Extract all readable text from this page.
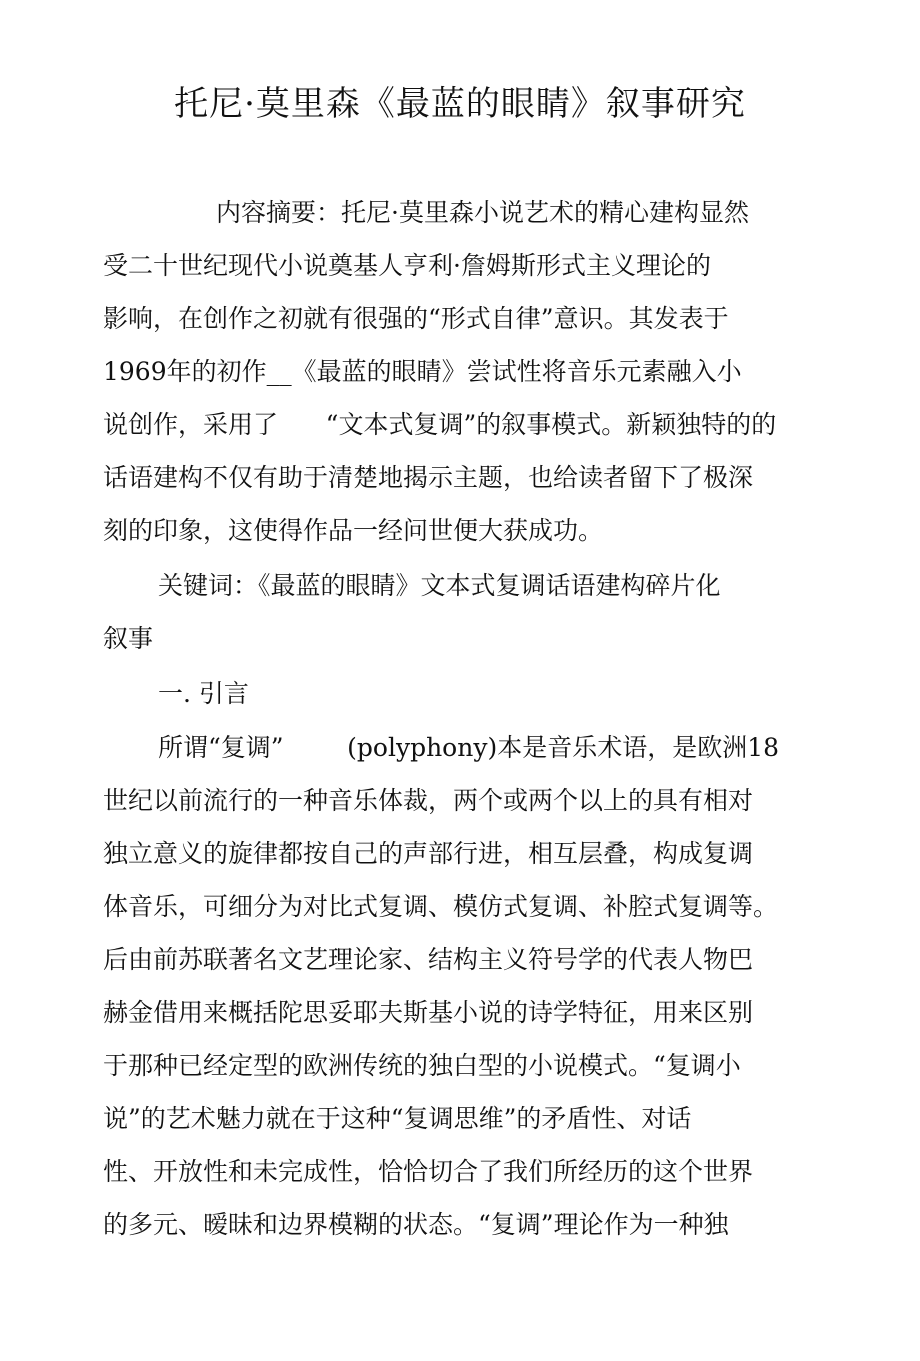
托尼·莫里森《最蓝的眼睛》叙事研究
内容摘要：托尼·莫里森小说艺术的精心建构显然
受二十世纪现代小说奠基人亨利·詹姆斯形式主义理论的
影响，在创作之初就有很强的“形式自律”意识。其发表于
1969年的初作__《最蓝的眼睛》尝试性将音乐元素融入小
说创作，采用了      “文本式复调”的叙事模式。新颖独特的的
话语建构不仅有助于清楚地揭示主题，也给读者留下了极深
刻的印象，这使得作品一经问世便大获成功。
关键词：《最蓝的眼睛》文本式复调话语建构碎片化
叙事
一. 引言
所谓“复调”        (polyphony)本是音乐术语，是欧洲18
世纪以前流行的一种音乐体裁，两个或两个以上的具有相对
独立意义的旋律都按自己的声部行进，相互层叠，构成复调
体音乐，可细分为对比式复调、模仿式复调、补腔式复调等。
后由前苏联著名文艺理论家、结构主义符号学的代表人物巴
赫金借用来概括陀思妥耶夫斯基小说的诗学特征，用来区别
于那种已经定型的欧洲传统的独白型的小说模式。“复调小
说”的艺术魅力就在于这种“复调思维”的矛盾性、对话
性、开放性和未完成性，恰恰切合了我们所经历的这个世界
的多元、暧昧和边界模糊的状态。“复调”理论作为一种独
